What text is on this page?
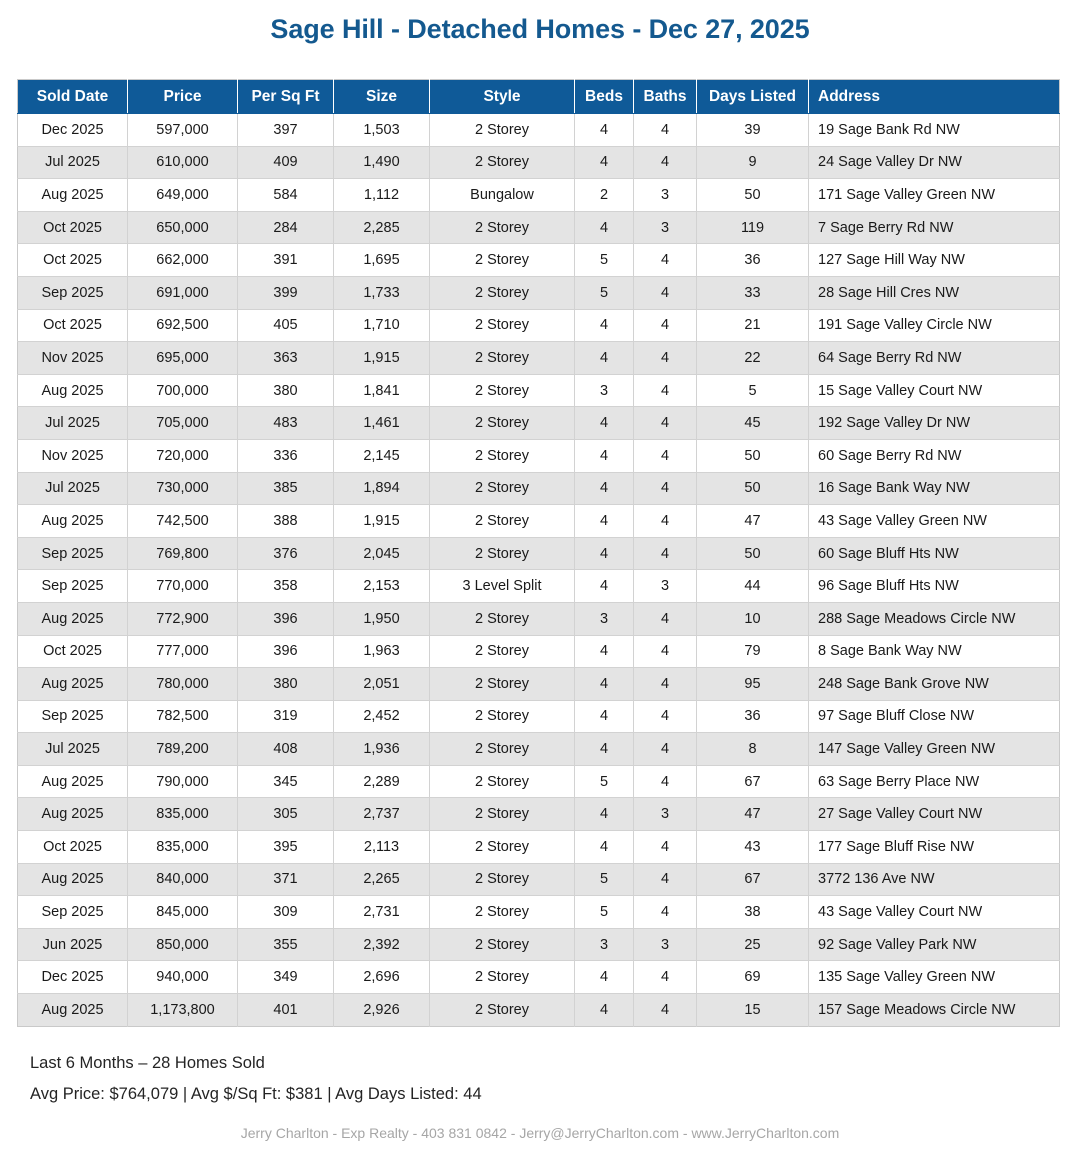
Sage Hill - Detached Homes - Dec 27, 2025
Sold Date	Price	Per Sq Ft	Size	Style	Beds	Baths	Days Listed	Address
Dec 2025	597,000	397	1,503	2 Storey	4	4	39	19 Sage Bank Rd NW
Jul 2025	610,000	409	1,490	2 Storey	4	4	9	24 Sage Valley Dr NW
Aug 2025	649,000	584	1,112	Bungalow	2	3	50	171 Sage Valley Green NW
Oct 2025	650,000	284	2,285	2 Storey	4	3	119	7 Sage Berry Rd NW
Oct 2025	662,000	391	1,695	2 Storey	5	4	36	127 Sage Hill Way NW
Sep 2025	691,000	399	1,733	2 Storey	5	4	33	28 Sage Hill Cres NW
Oct 2025	692,500	405	1,710	2 Storey	4	4	21	191 Sage Valley Circle NW
Nov 2025	695,000	363	1,915	2 Storey	4	4	22	64 Sage Berry Rd NW
Aug 2025	700,000	380	1,841	2 Storey	3	4	5	15 Sage Valley Court NW
Jul 2025	705,000	483	1,461	2 Storey	4	4	45	192 Sage Valley Dr NW
Nov 2025	720,000	336	2,145	2 Storey	4	4	50	60 Sage Berry Rd NW
Jul 2025	730,000	385	1,894	2 Storey	4	4	50	16 Sage Bank Way NW
Aug 2025	742,500	388	1,915	2 Storey	4	4	47	43 Sage Valley Green NW
Sep 2025	769,800	376	2,045	2 Storey	4	4	50	60 Sage Bluff Hts NW
Sep 2025	770,000	358	2,153	3 Level Split	4	3	44	96 Sage Bluff Hts NW
Aug 2025	772,900	396	1,950	2 Storey	3	4	10	288 Sage Meadows Circle NW
Oct 2025	777,000	396	1,963	2 Storey	4	4	79	8 Sage Bank Way NW
Aug 2025	780,000	380	2,051	2 Storey	4	4	95	248 Sage Bank Grove NW
Sep 2025	782,500	319	2,452	2 Storey	4	4	36	97 Sage Bluff Close NW
Jul 2025	789,200	408	1,936	2 Storey	4	4	8	147 Sage Valley Green NW
Aug 2025	790,000	345	2,289	2 Storey	5	4	67	63 Sage Berry Place NW
Aug 2025	835,000	305	2,737	2 Storey	4	3	47	27 Sage Valley Court NW
Oct 2025	835,000	395	2,113	2 Storey	4	4	43	177 Sage Bluff Rise NW
Aug 2025	840,000	371	2,265	2 Storey	5	4	67	3772 136 Ave NW
Sep 2025	845,000	309	2,731	2 Storey	5	4	38	43 Sage Valley Court NW
Jun 2025	850,000	355	2,392	2 Storey	3	3	25	92 Sage Valley Park NW
Dec 2025	940,000	349	2,696	2 Storey	4	4	69	135 Sage Valley Green NW
Aug 2025	1,173,800	401	2,926	2 Storey	4	4	15	157 Sage Meadows Circle NW
Last 6 Months – 28 Homes Sold
Avg Price: $764,079 | Avg $/Sq Ft: $381 | Avg Days Listed: 44
Jerry Charlton - Exp Realty - 403 831 0842 - Jerry@JerryCharlton.com - www.JerryCharlton.com
